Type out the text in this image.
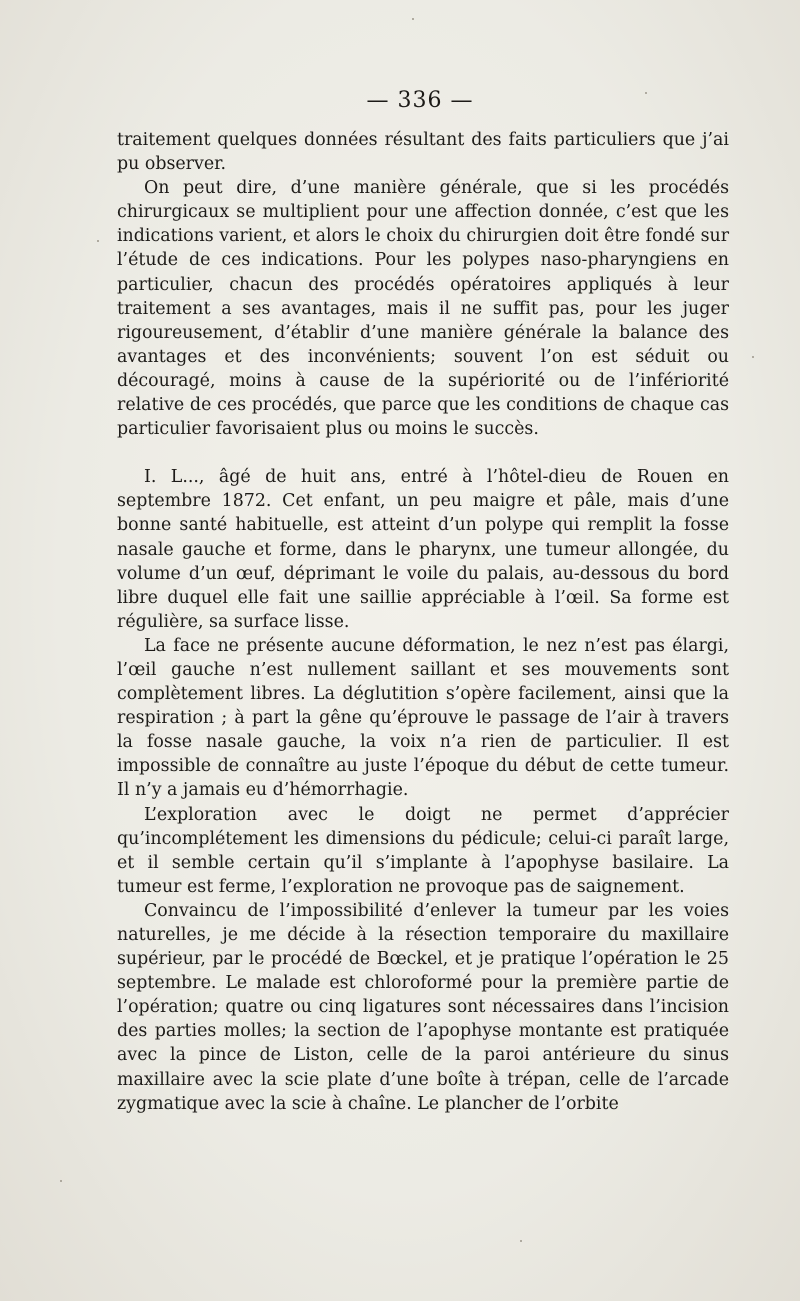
— 336 —

traitement quelques données résultant des faits particuliers que j’ai pu observer.

On peut dire, d’une manière générale, que si les procédés chirurgicaux se multiplient pour une affection donnée, c’est que les indications varient, et alors le choix du chirurgien doit être fondé sur l’étude de ces indications. Pour les polypes naso-pharyngiens en particulier, chacun des procédés opératoires appliqués à leur traitement a ses avantages, mais il ne suffit pas, pour les juger rigoureusement, d’établir d’une manière générale la balance des avantages et des inconvénients; souvent l’on est séduit ou découragé, moins à cause de la supériorité ou de l’infériorité relative de ces procédés, que parce que les conditions de chaque cas particulier favorisaient plus ou moins le succès.

I. L..., âgé de huit ans, entré à l’hôtel-dieu de Rouen en septembre 1872. Cet enfant, un peu maigre et pâle, mais d’une bonne santé habituelle, est atteint d’un polype qui remplit la fosse nasale gauche et forme, dans le pharynx, une tumeur allongée, du volume d’un œuf, déprimant le voile du palais, au-dessous du bord libre duquel elle fait une saillie appréciable à l’œil. Sa forme est régulière, sa surface lisse.

La face ne présente aucune déformation, le nez n’est pas élargi, l’œil gauche n’est nullement saillant et ses mouvements sont complètement libres. La déglutition s’opère facilement, ainsi que la respiration ; à part la gêne qu’éprouve le passage de l’air à travers la fosse nasale gauche, la voix n’a rien de particulier. Il est impossible de connaître au juste l’époque du début de cette tumeur. Il n’y a jamais eu d’hémorrhagie.

L’exploration avec le doigt ne permet d’apprécier qu’incomplétement les dimensions du pédicule; celui-ci paraît large, et il semble certain qu’il s’implante à l’apophyse basilaire. La tumeur est ferme, l’exploration ne provoque pas de saignement.

Convaincu de l’impossibilité d’enlever la tumeur par les voies naturelles, je me décide à la résection temporaire du maxillaire supérieur, par le procédé de Bœckel, et je pratique l’opération le 25 septembre. Le malade est chloroformé pour la première partie de l’opération; quatre ou cinq ligatures sont nécessaires dans l’incision des parties molles; la section de l’apophyse montante est pratiquée avec la pince de Liston, celle de la paroi antérieure du sinus maxillaire avec la scie plate d’une boîte à trépan, celle de l’arcade zygmatique avec la scie à chaîne. Le plancher de l’orbite
